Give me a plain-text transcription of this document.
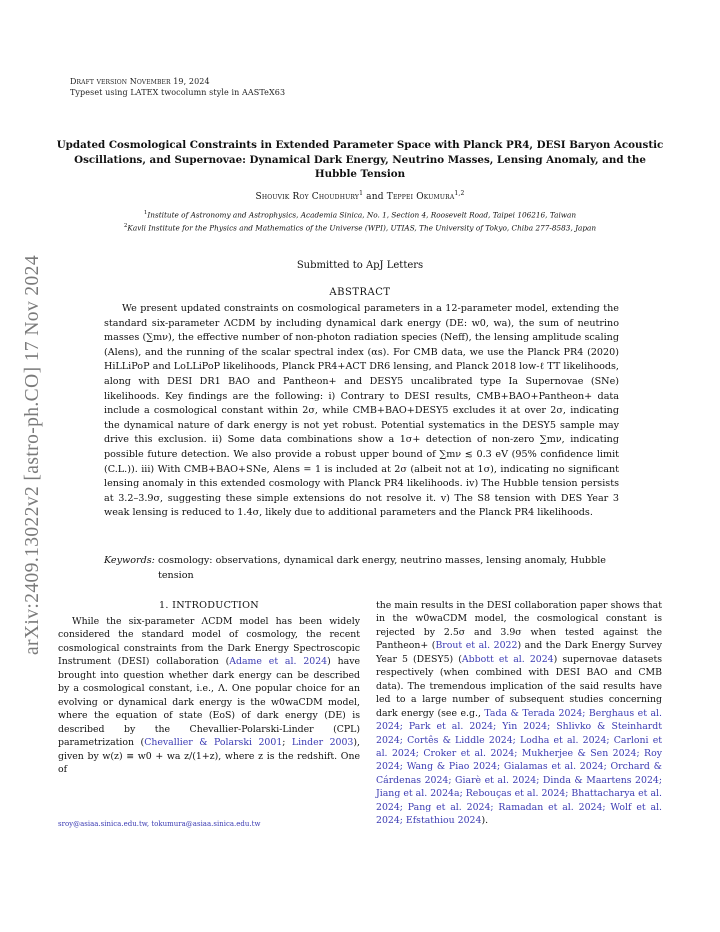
Draft version November 19, 2024
Typeset using LATEX twocolumn style in AASTeX63
arXiv:2409.13022v2 [astro-ph.CO] 17 Nov 2024
Updated Cosmological Constraints in Extended Parameter Space with Planck PR4, DESI Baryon Acoustic Oscillations, and Supernovae: Dynamical Dark Energy, Neutrino Masses, Lensing Anomaly, and the Hubble Tension
Shouvik Roy Choudhury$^1$ and Teppei Okumura$^{1,2}$
$^1$Institute of Astronomy and Astrophysics, Academia Sinica, No. 1, Section 4, Roosevelt Road, Taipei 106216, Taiwan
$^2$Kavli Institute for the Physics and Mathematics of the Universe (WPI), UTIAS, The University of Tokyo, Chiba 277-8583, Japan
Submitted to ApJ Letters
ABSTRACT
We present updated constraints on cosmological parameters in a 12-parameter model, extending the standard six-parameter ΛCDM by including dynamical dark energy (DE: w0, wa), the sum of neutrino masses (∑mν), the effective number of non-photon radiation species (Neff), the lensing amplitude scaling (Alens), and the running of the scalar spectral index (αs). For CMB data, we use the Planck PR4 (2020) HiLLiPoP and LoLLiPoP likelihoods, Planck PR4+ACT DR6 lensing, and Planck 2018 low-ℓ TT likelihoods, along with DESI DR1 BAO and Pantheon+ and DESY5 uncalibrated type Ia Supernovae (SNe) likelihoods. Key findings are the following: i) Contrary to DESI results, CMB+BAO+Pantheon+ data include a cosmological constant within 2σ, while CMB+BAO+DESY5 excludes it at over 2σ, indicating the dynamical nature of dark energy is not yet robust. Potential systematics in the DESY5 sample may drive this exclusion. ii) Some data combinations show a 1σ+ detection of non-zero ∑mν, indicating possible future detection. We also provide a robust upper bound of ∑mν ≲ 0.3 eV (95% confidence limit (C.L.)). iii) With CMB+BAO+SNe, Alens = 1 is included at 2σ (albeit not at 1σ), indicating no significant lensing anomaly in this extended cosmology with Planck PR4 likelihoods. iv) The Hubble tension persists at 3.2–3.9σ, suggesting these simple extensions do not resolve it. v) The S8 tension with DES Year 3 weak lensing is reduced to 1.4σ, likely due to additional parameters and the Planck PR4 likelihoods.
Keywords: cosmology: observations, dynamical dark energy, neutrino masses, lensing anomaly, Hubble tension
1. INTRODUCTION
While the six-parameter ΛCDM model has been widely considered the standard model of cosmology, the recent cosmological constraints from the Dark Energy Spectroscopic Instrument (DESI) collaboration (Adame et al. 2024) have brought into question whether dark energy can be described by a cosmological constant, i.e., Λ. One popular choice for an evolving or dynamical dark energy is the w0waCDM model, where the equation of state (EoS) of dark energy (DE) is described by the Chevallier-Polarski-Linder (CPL) parametrization (Chevallier & Polarski 2001; Linder 2003), given by w(z) ≡ w0 + wa z/(1+z), where z is the redshift. One of
the main results in the DESI collaboration paper shows that in the w0waCDM model, the cosmological constant is rejected by 2.5σ and 3.9σ when tested against the Pantheon+ (Brout et al. 2022) and the Dark Energy Survey Year 5 (DESY5) (Abbott et al. 2024) supernovae datasets respectively (when combined with DESI BAO and CMB data). The tremendous implication of the said results have led to a large number of subsequent studies concerning dark energy (see e.g., Tada & Terada 2024; Berghaus et al. 2024; Park et al. 2024; Yin 2024; Shlivko & Steinhardt 2024; Cortês & Liddle 2024; Lodha et al. 2024; Carloni et al. 2024; Croker et al. 2024; Mukherjee & Sen 2024; Roy 2024; Wang & Piao 2024; Gialamas et al. 2024; Orchard & Cárdenas 2024; Giarè et al. 2024; Dinda & Maartens 2024; Jiang et al. 2024a; Rebouças et al. 2024; Bhattacharya et al. 2024; Pang et al. 2024; Ramadan et al. 2024; Wolf et al. 2024; Efstathiou 2024).
sroy@asiaa.sinica.edu.tw, tokumura@asiaa.sinica.edu.tw
